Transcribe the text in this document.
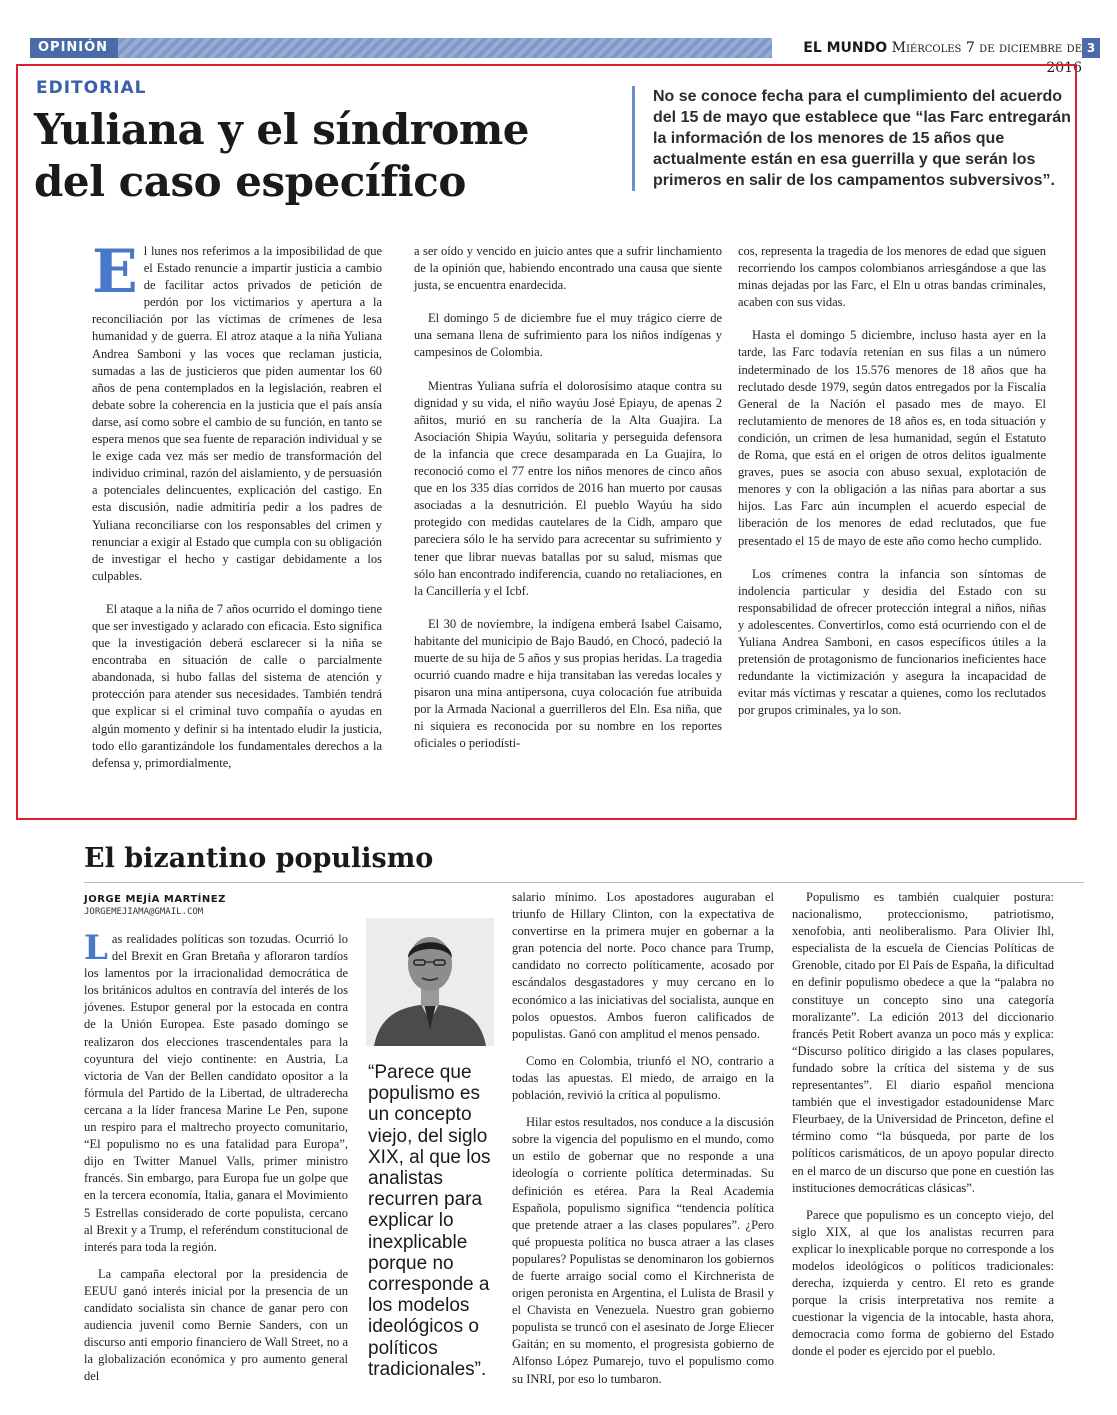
OPINIÓN	EL MUNDO Miércoles 7 de diciembre de 2016
3
EDITORIAL
Yuliana y el síndrome
del caso específico
No se conoce fecha para el cumplimiento del acuerdo del 15 de mayo que establece que “las Farc entregarán la información de los menores de 15 años que actualmente están en esa guerrilla y que serán los primeros en salir de los campamentos subversivos”.

El lunes nos referimos a la imposibilidad de que el Estado renuncie a impartir justicia a cambio de facilitar actos privados de petición de perdón por los victimarios y apertura a la reconciliación por las víctimas de crímenes de lesa humanidad y de guerra. El atroz ataque a la niña Yuliana Andrea Samboni y las voces que reclaman justicia, sumadas a las de justicieros que piden aumentar los 60 años de pena contemplados en la legislación, reabren el debate sobre la coherencia en la justicia que el país ansía darse, así como sobre el cambio de su función, en tanto se espera menos que sea fuente de reparación individual y se le exige cada vez más ser medio de transformación del individuo criminal, razón del aislamiento, y de persuasión a potenciales delincuentes, explicación del castigo. En esta discusión, nadie admitiría pedir a los padres de Yuliana reconciliarse con los responsables del crimen y renunciar a exigir al Estado que cumpla con su obligación de investigar el hecho y castigar debidamente a los culpables.

El ataque a la niña de 7 años ocurrido el domingo tiene que ser investigado y aclarado con eficacia. Esto significa que la investigación deberá esclarecer si la niña se encontraba en situación de calle o parcialmente abandonada, si hubo fallas del sistema de atención y protección para atender sus necesidades. También tendrá que explicar si el criminal tuvo compañía o ayudas en algún momento y definir si ha intentado eludir la justicia, todo ello garantizándole los fundamentales derechos a la defensa y, primordialmente,

a ser oído y vencido en juicio antes que a sufrir linchamiento de la opinión que, habiendo encontrado una causa que siente justa, se encuentra enardecida.

El domingo 5 de diciembre fue el muy trágico cierre de una semana llena de sufrimiento para los niños indígenas y campesinos de Colombia.

Mientras Yuliana sufría el dolorosísimo ataque contra su dignidad y su vida, el niño wayúu José Epiayu, de apenas 2 añitos, murió en su ranchería de la Alta Guajira. La Asociación Shipia Wayúu, solitaria y perseguida defensora de la infancia que crece desamparada en La Guajira, lo reconoció como el 77 entre los niños menores de cinco años que en los 335 días corridos de 2016 han muerto por causas asociadas a la desnutrición. El pueblo Wayúu ha sido protegido con medidas cautelares de la Cidh, amparo que pareciera sólo le ha servido para acrecentar su sufrimiento y tener que librar nuevas batallas por su salud, mismas que sólo han encontrado indiferencia, cuando no retaliaciones, en la Cancillería y el Icbf.

El 30 de noviembre, la indígena emberá Isabel Caisamo, habitante del municipio de Bajo Baudó, en Chocó, padeció la muerte de su hija de 5 años y sus propias heridas. La tragedia ocurrió cuando madre e hija transitaban las veredas locales y pisaron una mina antipersona, cuya colocación fue atribuida por la Armada Nacional a guerrilleros del Eln. Esa niña, que ni siquiera es reconocida por su nombre en los reportes oficiales o periodísti-

cos, representa la tragedia de los menores de edad que siguen recorriendo los campos colombianos arriesgándose a que las minas dejadas por las Farc, el Eln u otras bandas criminales, acaben con sus vidas.

Hasta el domingo 5 diciembre, incluso hasta ayer en la tarde, las Farc todavía retenían en sus filas a un número indeterminado de los 15.576 menores de 18 años que ha reclutado desde 1979, según datos entregados por la Fiscalía General de la Nación el pasado mes de mayo. El reclutamiento de menores de 18 años es, en toda situación y condición, un crimen de lesa humanidad, según el Estatuto de Roma, que está en el origen de otros delitos igualmente graves, pues se asocia con abuso sexual, explotación de menores y con la obligación a las niñas para abortar a sus hijos. Las Farc aún incumplen el acuerdo especial de liberación de los menores de edad reclutados, que fue presentado el 15 de mayo de este año como hecho cumplido.

Los crímenes contra la infancia son síntomas de indolencia particular y desidia del Estado con su responsabilidad de ofrecer protección integral a niños, niñas y adolescentes. Convertirlos, como está ocurriendo con el de Yuliana Andrea Samboni, en casos específicos útiles a la pretensión de protagonismo de funcionarios ineficientes hace redundante la victimización y asegura la incapacidad de evitar más víctimas y rescatar a quienes, como los reclutados por grupos criminales, ya lo son.

El bizantino populismo
JORGE MEJÍA MARTÍNEZ
JORGEMEJIAMA@GMAIL.COM

Las realidades políticas son tozudas. Ocurrió lo del Brexit en Gran Bretaña y afloraron tardíos los lamentos por la irracionalidad democrática de los británicos adultos en contravía del interés de los jóvenes. Estupor general por la estocada en contra de la Unión Europea. Este pasado domingo se realizaron dos elecciones trascendentales para la coyuntura del viejo continente: en Austria, La victoria de Van der Bellen candidato opositor a la fórmula del Partido de la Libertad, de ultraderecha cercana a la líder francesa Marine Le Pen, supone un respiro para el maltrecho proyecto comunitario, “El populismo no es una fatalidad para Europa”, dijo en Twitter Manuel Valls, primer ministro francés. Sin embargo, para Europa fue un golpe que en la tercera economía, Italia, ganara el Movimiento 5 Estrellas considerado de corte populista, cercano al Brexit y a Trump, el referéndum constitucional de interés para toda la región.

La campaña electoral por la presidencia de EEUU ganó interés inicial por la presencia de un candidato socialista sin chance de ganar pero con audiencia juvenil como Bernie Sanders, con un discurso anti emporio financiero de Wall Street, no a la globalización económica y pro aumento general del

“Parece que populismo es un concepto viejo, del siglo XIX, al que los analistas recurren para explicar lo inexplicable porque no corresponde a los modelos ideológicos o políticos tradicionales”.

salario mínimo. Los apostadores auguraban el triunfo de Hillary Clinton, con la expectativa de convertirse en la primera mujer en gobernar a la gran potencia del norte. Poco chance para Trump, candidato no correcto políticamente, acosado por escándalos desgastadores y muy cercano en lo económico a las iniciativas del socialista, aunque en polos opuestos. Ambos fueron calificados de populistas. Ganó con amplitud el menos pensado.

Como en Colombia, triunfó el NO, contrario a todas las apuestas. El miedo, de arraigo en la población, revivió la crítica al populismo.

Hilar estos resultados, nos conduce a la discusión sobre la vigencia del populismo en el mundo, como un estilo de gobernar que no responde a una ideología o corriente política determinadas. Su definición es etérea. Para la Real Academia Española, populismo significa “tendencia política que pretende atraer a las clases populares”. ¿Pero qué propuesta política no busca atraer a las clases populares? Populistas se denominaron los gobiernos de fuerte arraigo social como el Kirchnerista de origen peronista en Argentina, el Lulista de Brasil y el Chavista en Venezuela. Nuestro gran gobierno populista se truncó con el asesinato de Jorge Eliecer Gaitán; en su momento, el progresista gobierno de Alfonso López Pumarejo, tuvo el populismo como su INRI, por eso lo tumbaron.

Populismo es también cualquier postura: nacionalismo, proteccionismo, patriotismo, xenofobia, anti neoliberalismo. Para Olivier Ihl, especialista de la escuela de Ciencias Políticas de Grenoble, citado por El País de España, la dificultad en definir populismo obedece a que la “palabra no constituye un concepto sino una categoría moralizante”. La edición 2013 del diccionario francés Petit Robert avanza un poco más y explica: “Discurso político dirigido a las clases populares, fundado sobre la crítica del sistema y de sus representantes”. El diario español menciona también que el investigador estadounidense Marc Fleurbaey, de la Universidad de Princeton, define el término como “la búsqueda, por parte de los políticos carismáticos, de un apoyo popular directo en el marco de un discurso que pone en cuestión las instituciones democráticas clásicas”.

Parece que populismo es un concepto viejo, del siglo XIX, al que los analistas recurren para explicar lo inexplicable porque no corresponde a los modelos ideológicos o políticos tradicionales: derecha, izquierda y centro. El reto es grande porque la crisis interpretativa nos remite a cuestionar la vigencia de la intocable, hasta ahora, democracia como forma de gobierno del Estado donde el poder es ejercido por el pueblo.
